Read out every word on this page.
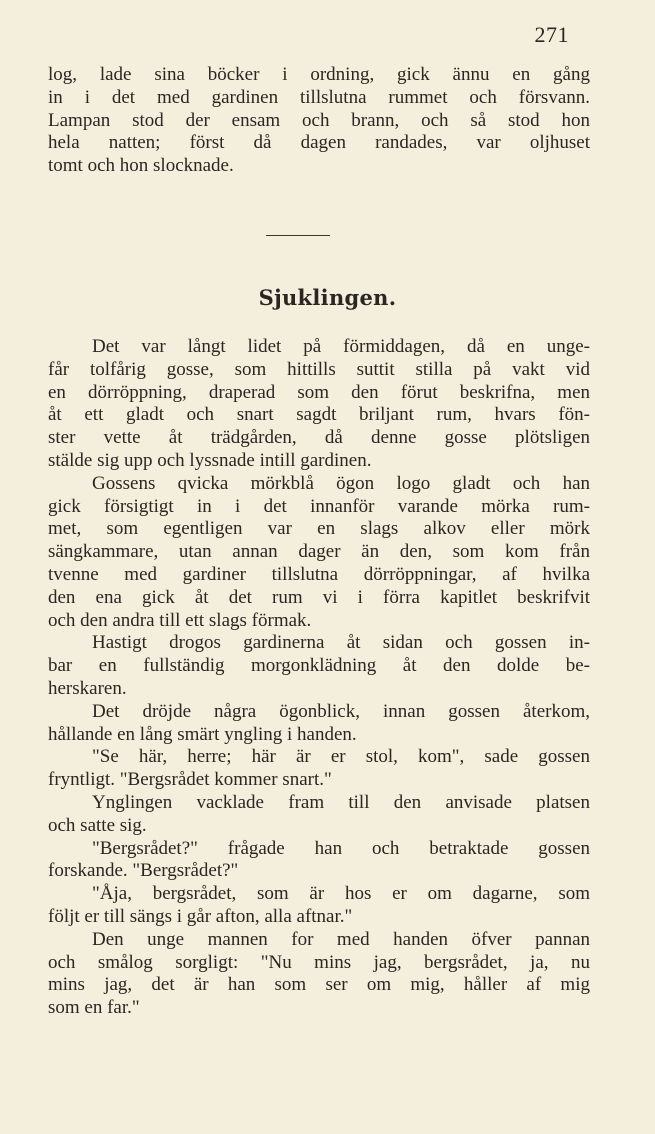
271
log, lade sina böcker i ordning, gick ännu en gång
in i det med gardinen tillslutna rummet och försvann.
Lampan stod der ensam och brann, och så stod hon
hela natten; först då dagen randades, var oljhuset
tomt och hon slocknade.
Sjuklingen.
Det var långt lidet på förmiddagen, då en unge-
får tolfårig gosse, som hittills suttit stilla på vakt vid
en dörröppning, draperad som den förut beskrifna, men
åt ett gladt och snart sagdt briljant rum, hvars fön-
ster vette åt trädgården, då denne gosse plötsligen
stälde sig upp och lyssnade intill gardinen.
Gossens qvicka mörkblå ögon logo gladt och han
gick försigtigt in i det innanför varande mörka rum-
met, som egentligen var en slags alkov eller mörk
sängkammare, utan annan dager än den, som kom från
tvenne med gardiner tillslutna dörröppningar, af hvilka
den ena gick åt det rum vi i förra kapitlet beskrifvit
och den andra till ett slags förmak.
Hastigt drogos gardinerna åt sidan och gossen in-
bar en fullständig morgonklädning åt den dolde be-
herskaren.
Det dröjde några ögonblick, innan gossen återkom,
hållande en lång smärt yngling i handen.
"Se här, herre; här är er stol, kom", sade gossen
fryntligt. "Bergsrådet kommer snart."
Ynglingen vacklade fram till den anvisade platsen
och satte sig.
"Bergsrådet?" frågade han och betraktade gossen
forskande. "Bergsrådet?"
"Åja, bergsrådet, som är hos er om dagarne, som
följt er till sängs i går afton, alla aftnar."
Den unge mannen for med handen öfver pannan
och smålog sorgligt: "Nu mins jag, bergsrådet, ja, nu
mins jag, det är han som ser om mig, håller af mig
som en far."
